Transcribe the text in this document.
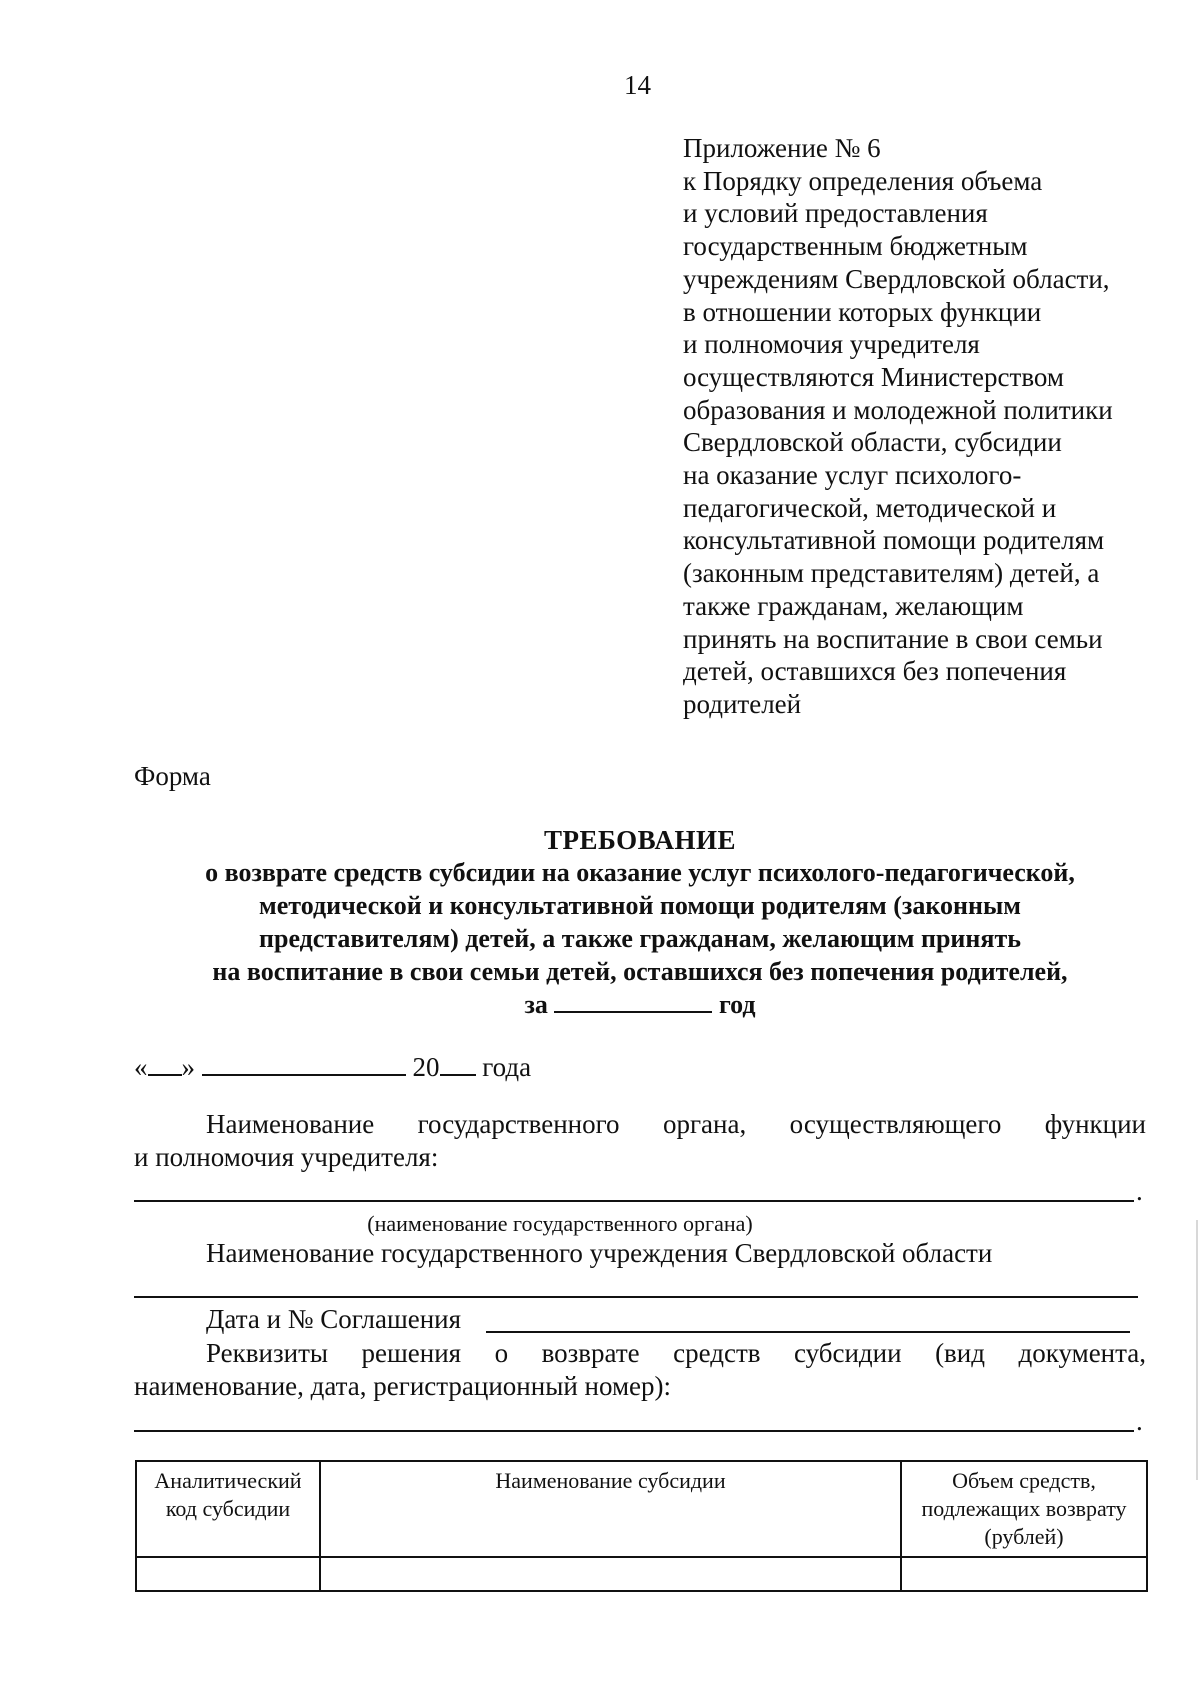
14
Приложение № 6
к Порядку определения объема
и условий предоставления
государственным бюджетным
учреждениям Свердловской области,
в отношении которых функции
и полномочия учредителя
осуществляются Министерством
образования и молодежной политики
Свердловской области, субсидии
на оказание услуг психолого-
педагогической, методической и
консультативной помощи родителям
(законным представителям) детей, а
также гражданам, желающим
принять на воспитание в свои семьи
детей, оставшихся без попечения
родителей
Форма
ТРЕБОВАНИЕ
о возврате средств субсидии на оказание услуг психолого-педагогической,
методической и консультативной помощи родителям (законным
представителям) детей, а также гражданам, желающим принять
на воспитание в свои семьи детей, оставшихся без попечения родителей,
за	год
« »	20 года
Наименование государственного органа, осуществляющего функции
и полномочия учредителя:
.
(наименование государственного органа)
Наименование государственного учреждения Свердловской области
Дата и № Соглашения
Реквизиты решения о возврате средств субсидии (вид документа,
наименование, дата, регистрационный номер):
.
Аналитический код субсидии	Наименование субсидии	Объем средств, подлежащих возврату (рублей)
